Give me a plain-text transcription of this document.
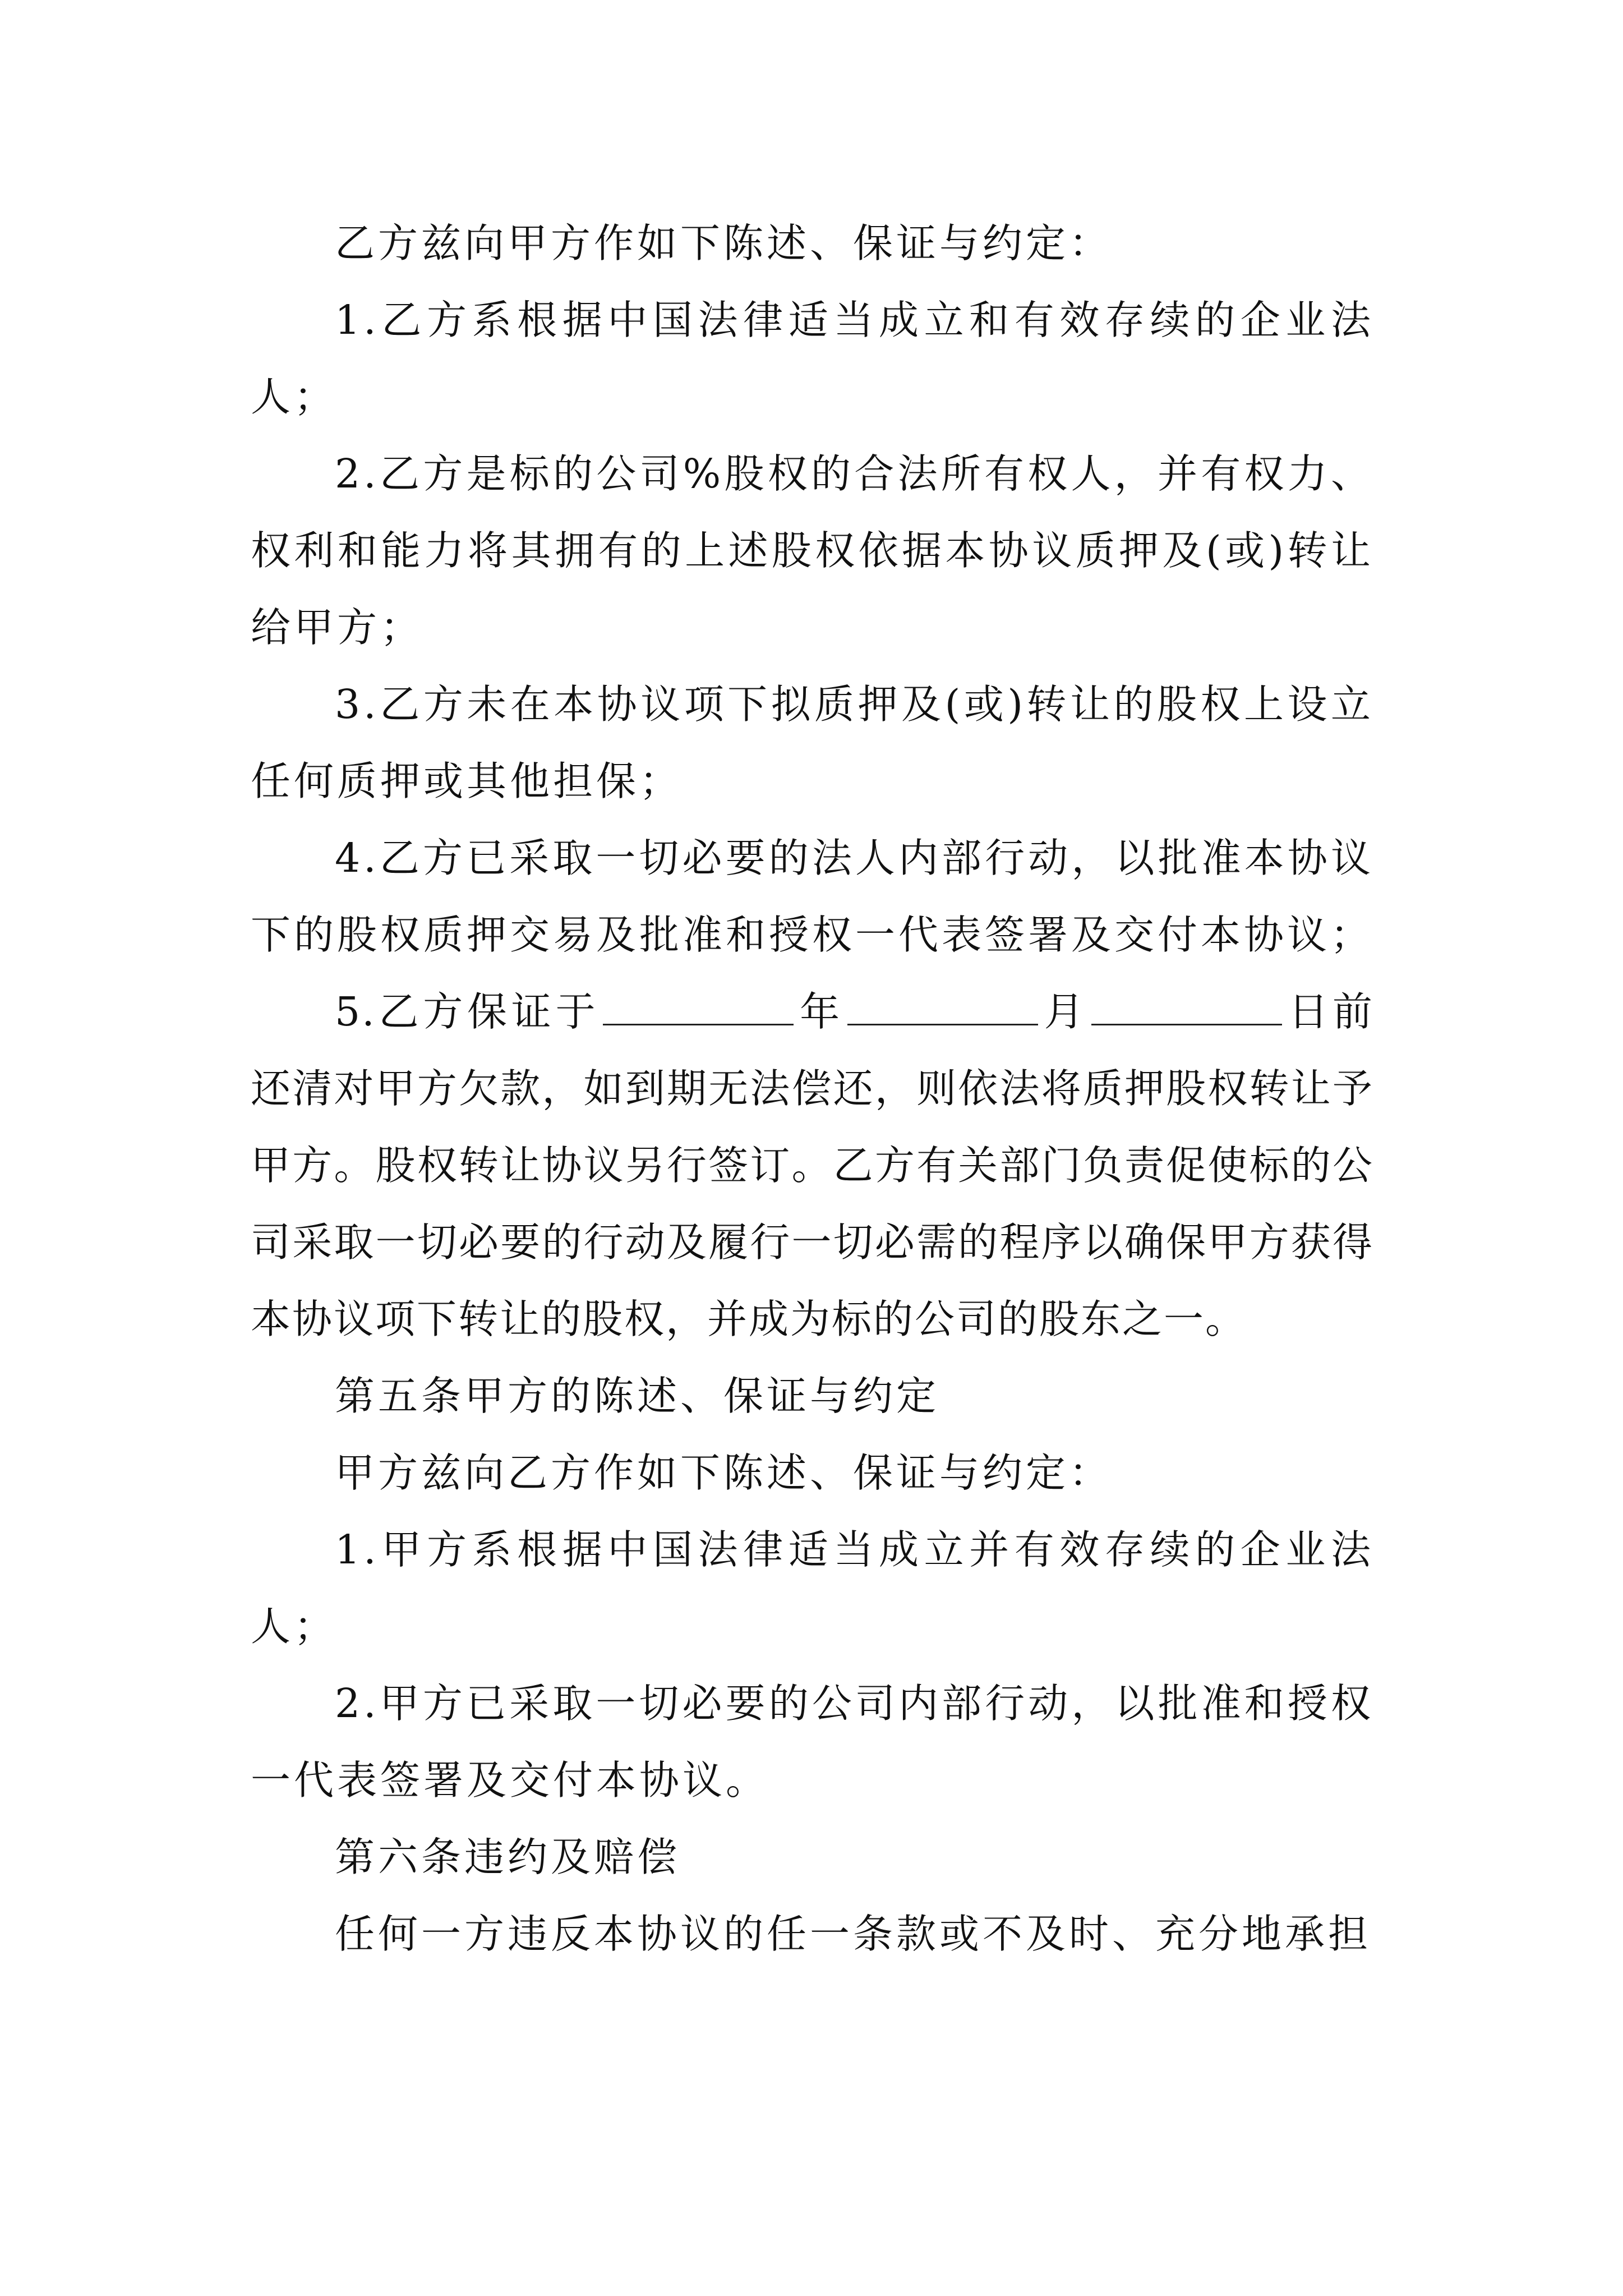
乙方兹向甲方作如下陈述、保证与约定：

1.乙方系根据中国法律适当成立和有效存续的企业法人；

2.乙方是标的公司%股权的合法所有权人，并有权力、权利和能力将其拥有的上述股权依据本协议质押及(或)转让给甲方；

3.乙方未在本协议项下拟质押及(或)转让的股权上设立任何质押或其他担保；

4.乙方已采取一切必要的法人内部行动，以批准本协议下的股权质押交易及批准和授权一代表签署及交付本协议；

5.乙方保证于	年	月	日前还清对甲方欠款，如到期无法偿还，则依法将质押股权转让予甲方。股权转让协议另行签订。乙方有关部门负责促使标的公司采取一切必要的行动及履行一切必需的程序以确保甲方获得本协议项下转让的股权，并成为标的公司的股东之一。

第五条甲方的陈述、保证与约定

甲方兹向乙方作如下陈述、保证与约定：

1.甲方系根据中国法律适当成立并有效存续的企业法人；

2.甲方已采取一切必要的公司内部行动，以批准和授权一代表签署及交付本协议。

第六条违约及赔偿

任何一方违反本协议的任一条款或不及时、充分地承担
